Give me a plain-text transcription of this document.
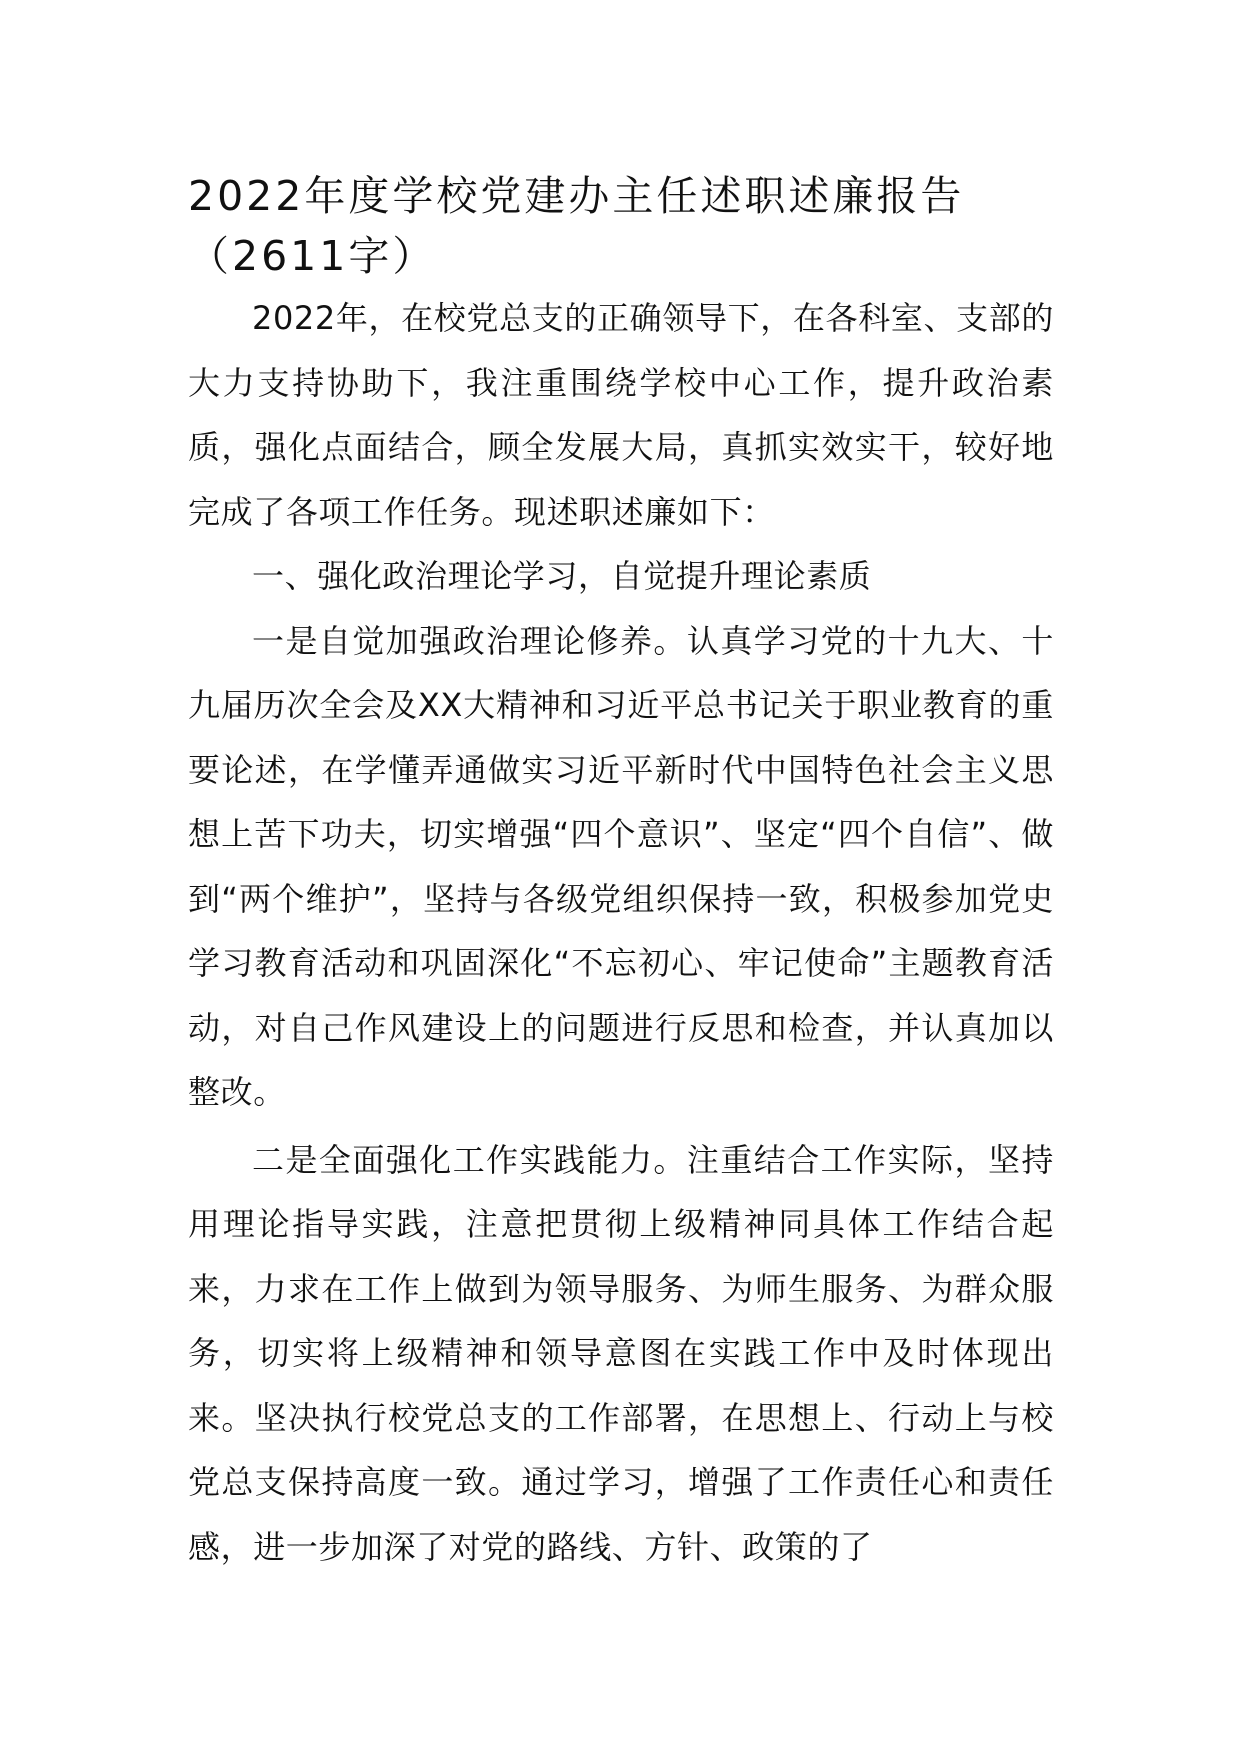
2022年度学校党建办主任述职述廉报告（2611字）

2022年，在校党总支的正确领导下，在各科室、支部的大力支持协助下，我注重围绕学校中心工作，提升政治素质，强化点面结合，顾全发展大局，真抓实效实干，较好地完成了各项工作任务。现述职述廉如下：

一、强化政治理论学习，自觉提升理论素质

一是自觉加强政治理论修养。认真学习党的十九大、十九届历次全会及XX大精神和习近平总书记关于职业教育的重要论述，在学懂弄通做实习近平新时代中国特色社会主义思想上苦下功夫，切实增强“四个意识”、坚定“四个自信”、做到“两个维护”，坚持与各级党组织保持一致，积极参加党史学习教育活动和巩固深化“不忘初心、牢记使命”主题教育活动，对自己作风建设上的问题进行反思和检查，并认真加以整改。

二是全面强化工作实践能力。注重结合工作实际，坚持用理论指导实践，注意把贯彻上级精神同具体工作结合起来，力求在工作上做到为领导服务、为师生服务、为群众服务，切实将上级精神和领导意图在实践工作中及时体现出来。坚决执行校党总支的工作部署，在思想上、行动上与校党总支保持高度一致。通过学习，增强了工作责任心和责任感，进一步加深了对党的路线、方针、政策的了
